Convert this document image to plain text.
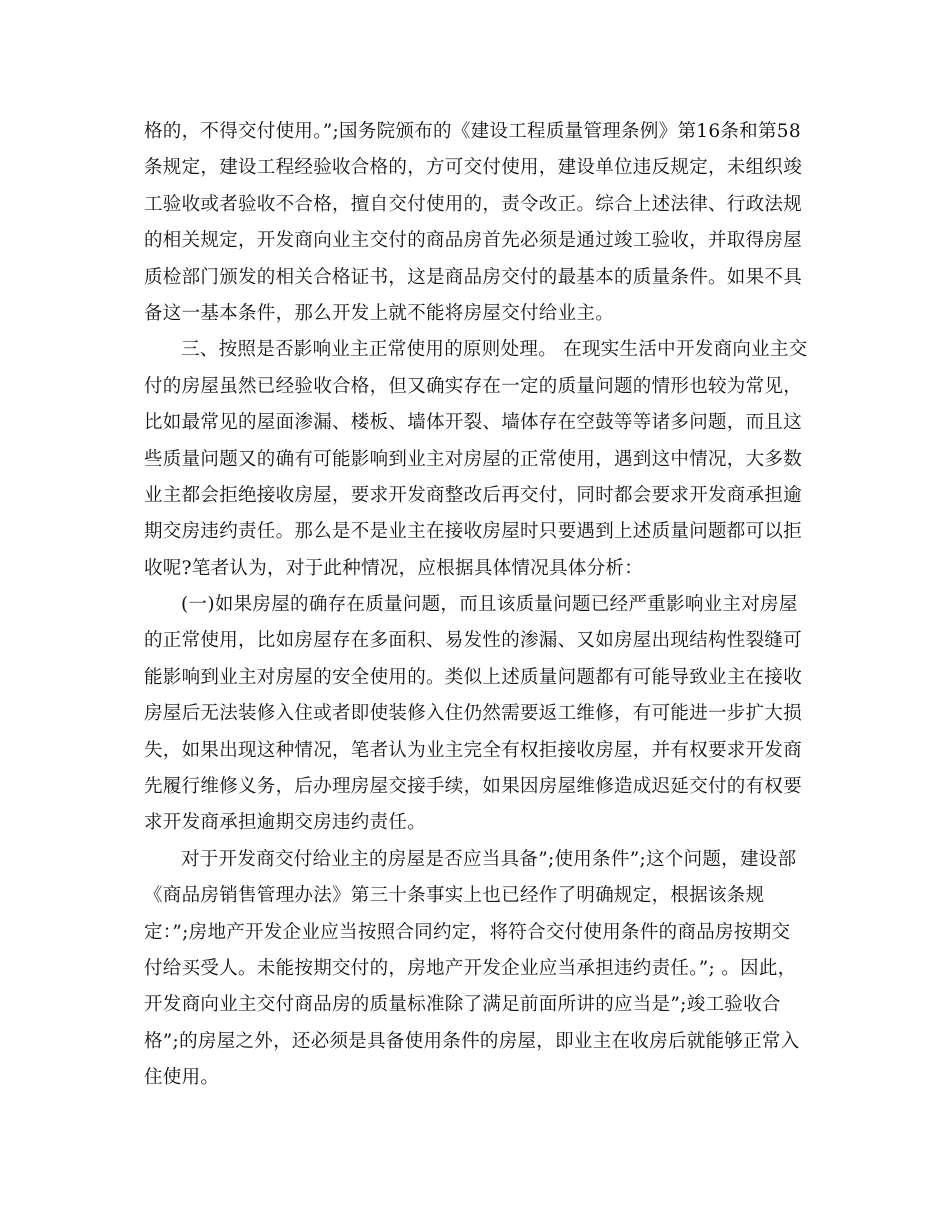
格的，不得交付使用。”;国务院颁布的《建设工程质量管理条例》第16条和第58
条规定，建设工程经验收合格的，方可交付使用，建设单位违反规定，未组织竣
工验收或者验收不合格，擅自交付使用的，责令改正。综合上述法律、行政法规
的相关规定，开发商向业主交付的商品房首先必须是通过竣工验收，并取得房屋
质检部门颁发的相关合格证书，这是商品房交付的最基本的质量条件。如果不具
备这一基本条件，那么开发上就不能将房屋交付给业主。
三、按照是否影响业主正常使用的原则处理。 在现实生活中开发商向业主交
付的房屋虽然已经验收合格，但又确实存在一定的质量问题的情形也较为常见，
比如最常见的屋面渗漏、楼板、墙体开裂、墙体存在空鼓等等诸多问题，而且这
些质量问题又的确有可能影响到业主对房屋的正常使用，遇到这中情况，大多数
业主都会拒绝接收房屋，要求开发商整改后再交付，同时都会要求开发商承担逾
期交房违约责任。那么是不是业主在接收房屋时只要遇到上述质量问题都可以拒
收呢?笔者认为，对于此种情况，应根据具体情况具体分析：
(一)如果房屋的确存在质量问题，而且该质量问题已经严重影响业主对房屋
的正常使用，比如房屋存在多面积、易发性的渗漏、又如房屋出现结构性裂缝可
能影响到业主对房屋的安全使用的。类似上述质量问题都有可能导致业主在接收
房屋后无法装修入住或者即使装修入住仍然需要返工维修，有可能进一步扩大损
失，如果出现这种情况，笔者认为业主完全有权拒接收房屋，并有权要求开发商
先履行维修义务，后办理房屋交接手续，如果因房屋维修造成迟延交付的有权要
求开发商承担逾期交房违约责任。
对于开发商交付给业主的房屋是否应当具备”;使用条件”;这个问题，建设部
《商品房销售管理办法》第三十条事实上也已经作了明确规定，根据该条规
定：”;房地产开发企业应当按照合同约定，将符合交付使用条件的商品房按期交
付给买受人。未能按期交付的，房地产开发企业应当承担违约责任。”; 。因此，
开发商向业主交付商品房的质量标准除了满足前面所讲的应当是”;竣工验收合
格”;的房屋之外，还必须是具备使用条件的房屋，即业主在收房后就能够正常入
住使用。
